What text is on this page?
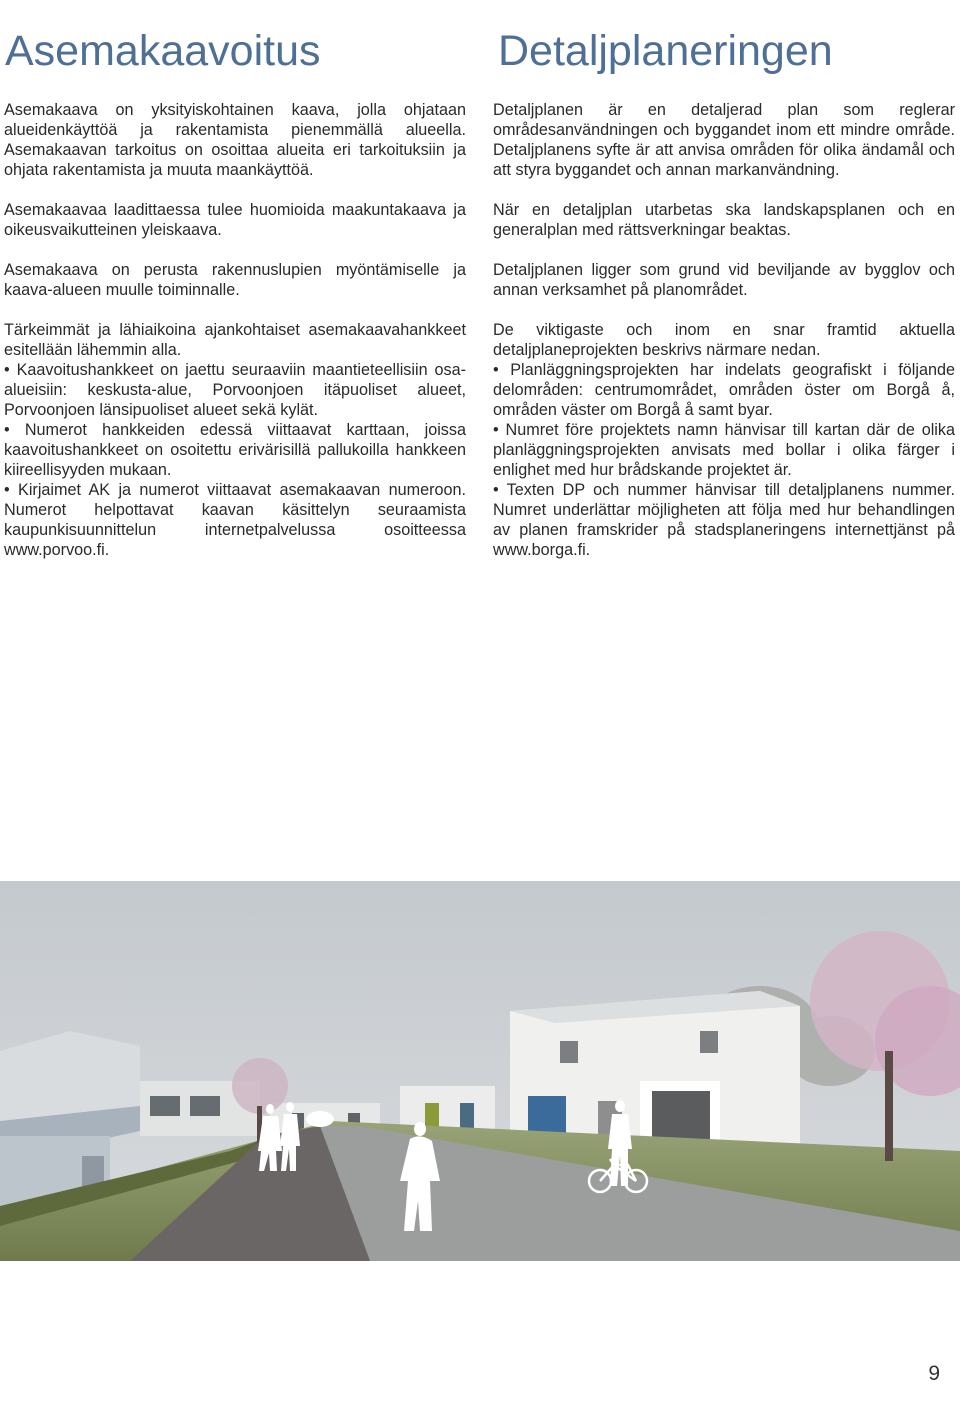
Asemakaavoitus	Detaljplaneringen

Asemakaava on yksityiskohtainen kaava, jolla ohjataan alueidenkäyttöä ja rakentamista pienemmällä alueella. Asemakaavan tarkoitus on osoittaa alueita eri tarkoituksiin ja ohjata rakentamista ja muuta maankäyttöä.

Asemakaavaa laadittaessa tulee huomioida maakuntakaava ja oikeusvaikutteinen yleiskaava.

Asemakaava on perusta rakennuslupien myöntämiselle ja kaava-alueen muulle toiminnalle.

Tärkeimmät ja lähiaikoina ajankohtaiset asemakaavahankkeet esitellään lähemmin alla.

• Kaavoitushankkeet on jaettu seuraaviin maantieteellisiin osa-alueisiin: keskusta-alue, Porvoonjoen itäpuoliset alueet, Porvoonjoen länsipuoliset alueet sekä kylät.

• Numerot hankkeiden edessä viittaavat karttaan, joissa kaavoitushankkeet on osoitettu erivärisillä pallukoilla hankkeen kiireellisyyden mukaan.

• Kirjaimet AK ja numerot viittaavat asemakaavan numeroon. Numerot helpottavat kaavan käsittelyn seuraamista kaupunkisuunnittelun internetpalvelussa osoitteessa www.porvoo.fi.

Detaljplanen är en detaljerad plan som reglerar områdesanvändningen och byggandet inom ett mindre område. Detaljplanens syfte är att anvisa områden för olika ändamål och att styra byggandet och annan markanvändning.

När en detaljplan utarbetas ska landskapsplanen och en generalplan med rättsverkningar beaktas.

Detaljplanen ligger som grund vid beviljande av bygglov och annan verksamhet på planområdet.

De viktigaste och inom en snar framtid aktuella detaljplaneprojekten beskrivs närmare nedan.

• Planläggningsprojekten har indelats geografiskt i följande delområden: centrumområdet, områden öster om Borgå å, områden väster om Borgå å samt byar.

• Numret före projektets namn hänvisar till kartan där de olika planläggningsprojekten anvisats med bollar i olika färger i enlighet med hur brådskande projektet är.

• Texten DP och nummer hänvisar till detaljplanens nummer. Numret underlättar möjligheten att följa med hur behandlingen av planen framskrider på stadsplaneringens internettjänst på www.borga.fi.

9
